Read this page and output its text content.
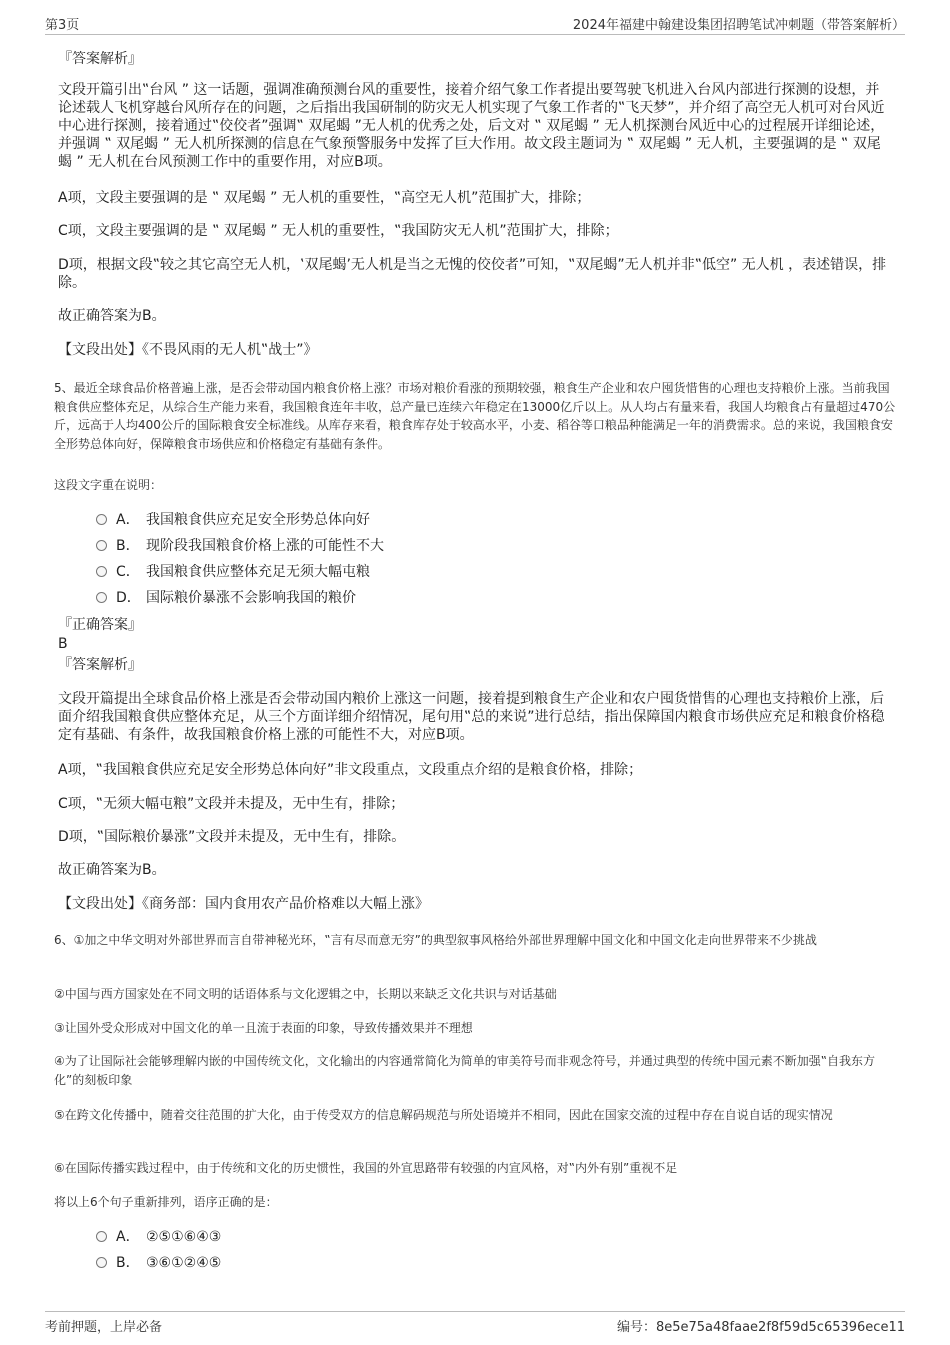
第3页	2024年福建中翰建设集团招聘笔试冲刺题（带答案解析）
『答案解析』
文段开篇引出‟台风 ” 这一话题，强调准确预测台风的重要性，接着介绍气象工作者提出要驾驶飞机进入台风内部进行探测的设想，并论述载人飞机穿越台风所存在的问题，之后指出我国研制的防灾无人机实现了气象工作者的‟飞天梦”，并介绍了高空无人机可对台风近中心进行探测，接着通过‟佼佼者”强调‟ 双尾蝎 ”无人机的优秀之处，后文对 ‟ 双尾蝎 ” 无人机探测台风近中心的过程展开详细论述，并强调 ‟ 双尾蝎 ” 无人机所探测的信息在气象预警服务中发挥了巨大作用。故文段主题词为 ‟ 双尾蝎 ” 无人机，主要强调的是 ‟ 双尾蝎 ” 无人机在台风预测工作中的重要作用，对应B项。
A项，文段主要强调的是 ‟ 双尾蝎 ” 无人机的重要性，‟高空无人机”范围扩大，排除；
C项，文段主要强调的是 ‟ 双尾蝎 ” 无人机的重要性，‟我国防灾无人机”范围扩大，排除；
D项，根据文段‟较之其它高空无人机，‛双尾蝎’无人机是当之无愧的佼佼者”可知，‟双尾蝎”无人机并非‟低空” 无人机 ，表述错误，排除。
故正确答案为B。
【文段出处】《不畏风雨的无人机‟战士”》
5、最近全球食品价格普遍上涨，是否会带动国内粮食价格上涨？市场对粮价看涨的预期较强，粮食生产企业和农户囤货惜售的心理也支持粮价上涨。当前我国粮食供应整体充足，从综合生产能力来看，我国粮食连年丰收，总产量已连续六年稳定在13000亿斤以上。从人均占有量来看，我国人均粮食占有量超过470公斤，远高于人均400公斤的国际粮食安全标准线。从库存来看，粮食库存处于较高水平，小麦、稻谷等口粮品种能满足一年的消费需求。总的来说，我国粮食安全形势总体向好，保障粮食市场供应和价格稳定有基础有条件。
这段文字重在说明：
A． 我国粮食供应充足安全形势总体向好
B． 现阶段我国粮食价格上涨的可能性不大
C． 我国粮食供应整体充足无须大幅屯粮
D． 国际粮价暴涨不会影响我国的粮价
『正确答案』
B
『答案解析』
文段开篇提出全球食品价格上涨是否会带动国内粮价上涨这一问题，接着提到粮食生产企业和农户囤货惜售的心理也支持粮价上涨，后面介绍我国粮食供应整体充足，从三个方面详细介绍情况，尾句用‟总的来说”进行总结，指出保障国内粮食市场供应充足和粮食价格稳定有基础、有条件，故我国粮食价格上涨的可能性不大，对应B项。
A项，‟我国粮食供应充足安全形势总体向好”非文段重点，文段重点介绍的是粮食价格，排除；
C项，‟无须大幅屯粮”文段并未提及，无中生有，排除；
D项，‟国际粮价暴涨”文段并未提及，无中生有，排除。
故正确答案为B。
【文段出处】《商务部：国内食用农产品价格难以大幅上涨》
6、①加之中华文明对外部世界而言自带神秘光环，‟言有尽而意无穷”的典型叙事风格给外部世界理解中国文化和中国文化走向世界带来不少挑战
②中国与西方国家处在不同文明的话语体系与文化逻辑之中，长期以来缺乏文化共识与对话基础
③让国外受众形成对中国文化的单一且流于表面的印象，导致传播效果并不理想
④为了让国际社会能够理解内嵌的中国传统文化，文化输出的内容通常简化为简单的审美符号而非观念符号，并通过典型的传统中国元素不断加强‟自我东方化”的刻板印象
⑤在跨文化传播中，随着交往范围的扩大化，由于传受双方的信息解码规范与所处语境并不相同，因此在国家交流的过程中存在自说自话的现实情况
⑥在国际传播实践过程中，由于传统和文化的历史惯性，我国的外宣思路带有较强的内宣风格，对‟内外有别”重视不足
将以上6个句子重新排列，语序正确的是：
A． ②⑤①⑥④③
B． ③⑥①②④⑤
考前押题，上岸必备	编号：8e5e75a48faae2f8f59d5c65396ece11
